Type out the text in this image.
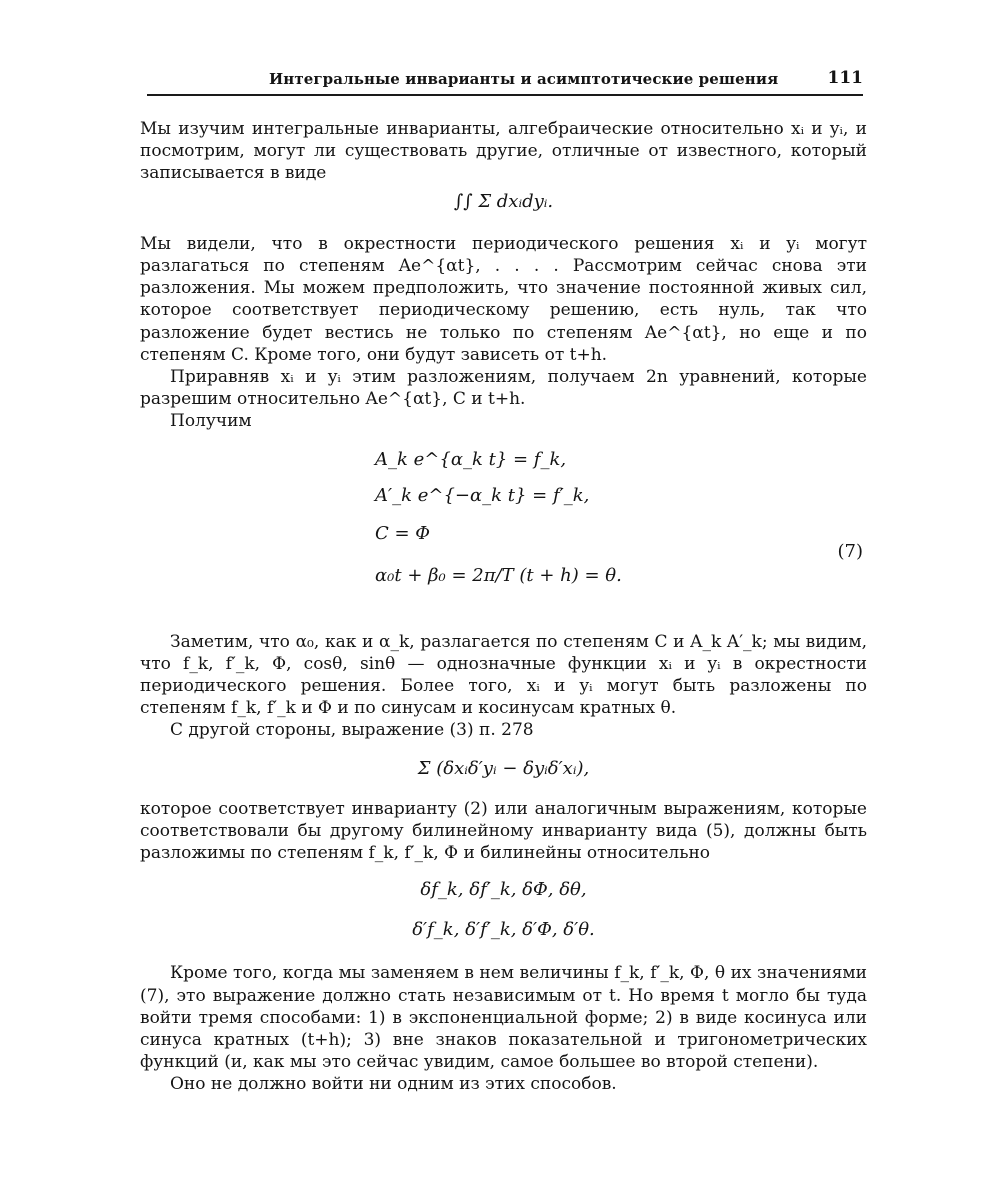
Интегральные инварианты и асимптотические решения	111

Мы изучим интегральные инварианты, алгебраические относительно xᵢ и yᵢ, и посмотрим, могут ли существовать другие, отличные от известного, который записывается в виде

∫∫ Σ dxᵢdyᵢ.

Мы видели, что в окрестности периодического решения xᵢ и yᵢ могут разлагаться по степеням Ae^{αt}, . . . . Рассмотрим сейчас снова эти разложения. Мы можем предположить, что значение постоянной живых сил, которое соответствует периодическому решению, есть нуль, так что разложение будет вестись не только по степеням Ae^{αt}, но еще и по степеням C. Кроме того, они будут зависеть от t+h.

Приравняв xᵢ и yᵢ этим разложениям, получаем 2n уравнений, которые разрешим относительно Ae^{αt}, C и t+h.

Получим

A_k e^{α_k t} = f_k,
A′_k e^{−α_k t} = f′_k,
C = Φ
α₀t + β₀ = 2π/T (t + h) = θ.
(7)

Заметим, что α₀, как и α_k, разлагается по степеням C и A_k A′_k; мы видим, что f_k, f′_k, Φ, cosθ, sinθ — однозначные функции xᵢ и yᵢ в окрестности периодического решения. Более того, xᵢ и yᵢ могут быть разложены по степеням f_k, f′_k и Φ и по синусам и косинусам кратных θ.

С другой стороны, выражение (3) п. 278

Σ (δxᵢδ′yᵢ − δyᵢδ′xᵢ),

которое соответствует инварианту (2) или аналогичным выражениям, которые соответствовали бы другому билинейному инварианту вида (5), должны быть разложимы по степеням f_k, f′_k, Φ и билинейны относительно

δf_k, δf′_k, δΦ, δθ,
δ′f_k, δ′f′_k, δ′Φ, δ′θ.

Кроме того, когда мы заменяем в нем величины f_k, f′_k, Φ, θ их значениями (7), это выражение должно стать независимым от t. Но время t могло бы туда войти тремя способами: 1) в экспоненциальной форме; 2) в виде косинуса или синуса кратных (t+h); 3) вне знаков показательной и тригонометрических функций (и, как мы это сейчас увидим, самое большее во второй степени).

Оно не должно войти ни одним из этих способов.
